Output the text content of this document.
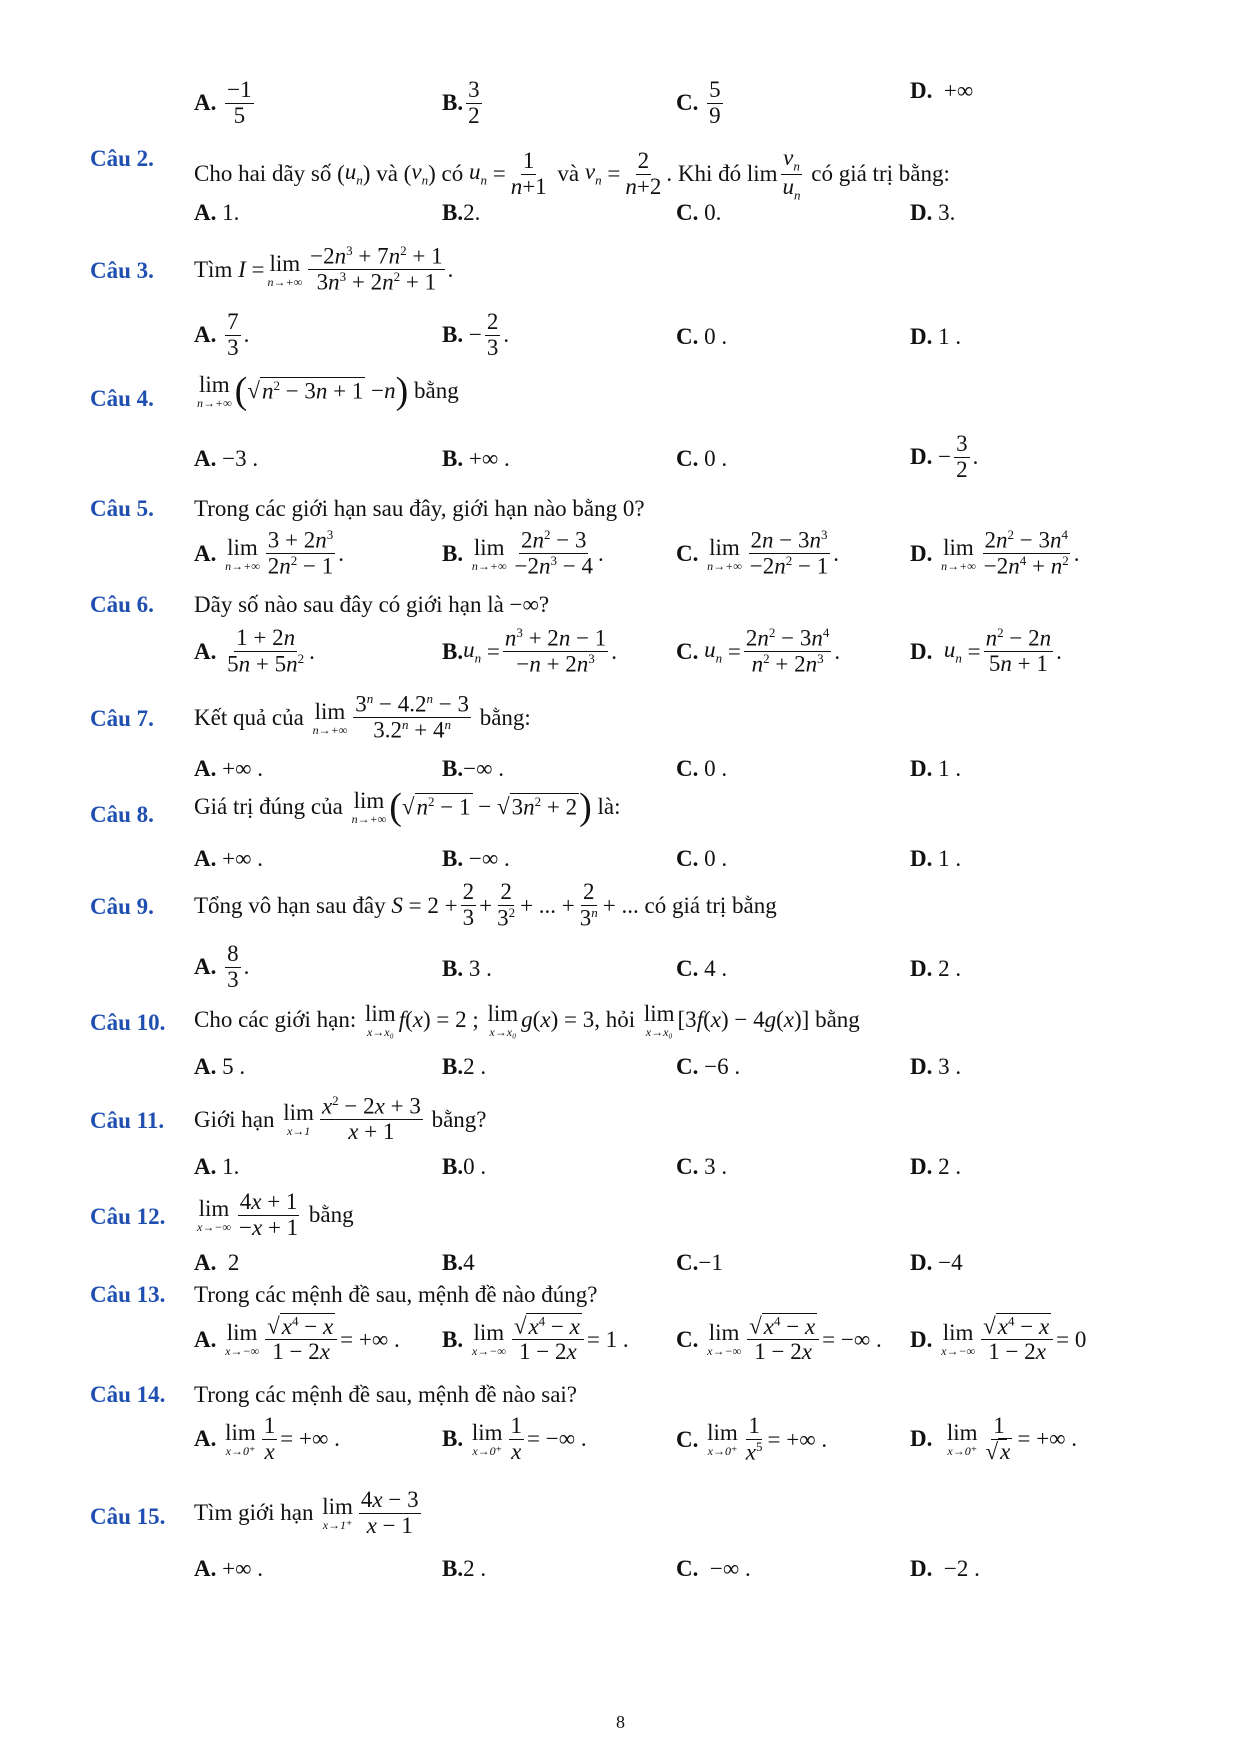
A.
$\frac{-1}{5}$	B. $\frac{3}{2}$	C.
$\frac{5}{9}$	D. +∞
Câu 2.
Cho hai dãy số ( $u_n$ ) và ( $v_n$ ) có
$u_n = \frac{1}{n+1}$
và
$v_n = \frac{2}{n+2}$ . Khi đó $\lim \frac{v_n}{u_n}$
có giá trị bằng:
A. 1.	B.2.	C. 0.	D. 3.
Câu 3. Tìm
I = lim
$n\to+\infty \frac{-2n^3 + 7n^2 + 1}{3n^3 + 2n^2 + 1}$ .
A.
$\frac{7}{3}$ .	B. − $\frac{2}{3}$ .	C. 0 .	D. 1 .
Câu 4.
lim
n→+∞ ( √ $n^2 - 3n + 1 - n$ )
bằng
A. −3 .	B. +∞ .	C. 0 .	D. − $\frac{3}{2}$ .
Câu 5. Trong các giới hạn sau đây, giới hạn nào bằng 0?
A.
lim
$n\to+\infty \frac{3 + 2n^3}{2n^2 - 1}$ .	B.
lim
$n\to+\infty \frac{2n^2 - 3}{-2n^3 - 4}$ .	C.
lim
$n\to+\infty \frac{2n - 3n^3}{-2n^2 - 1}$ .	D.
lim
$n\to+\infty \frac{2n^2 - 3n^4}{-2n^4 + n^2}$ .
Câu 6. Dãy số nào sau đây có giới hạn là −∞?
A.
$\frac{1 + 2n}{5n + 5n^2}$ .	B. $u_n = \frac{n^3 + 2n - 1}{-n + 2n^3}$ .	C.
$u_n = \frac{2n^2 - 3n^4}{n^2 + 2n^3}$ .	D.
$u_n = \frac{n^2 - 2n}{5n + 1}$ .
Câu 7. Kết quả của
lim
$n\to+\infty \frac{3^n - 4.2^n - 3}{3.2^n + 4^n}$
bằng:
A. +∞ .	B.−∞ .	C. 0 .	D. 1 .
Câu 8. Giá trị đúng của
lim
n→+∞ ( √ $n^2 - 1$ − √ $3n^2 + 2$ )
là:
A. +∞ .	B. −∞ .	C. 0 .	D. 1 .
Câu 9. Tổng vô hạn sau đây
$S = 2 + \frac{2}{3} + \frac{2}{3^2}$ + ... + $\frac{2}{3^n}$ + ... có giá trị bằng
A.
$\frac{8}{3}$ .	B. 3 .	C. 4 .	D. 2 .
Câu 10. Cho các giới hạn:
lim
x→x₀ f ( x ) = 2 ; lim
x→x₀ g ( x ) = 3 , hỏi
lim
x→x₀ [3 f ( x ) − 4 g ( x )] bằng
A. 5 .	B.2 .	C. −6 .	D. 3 .
Câu 11. Giới hạn
lim
$x\to 1 \frac{x^2 - 2x + 3}{x + 1}$
bằng?
A. 1.	B.0 .	C. 3 .	D. 2 .
Câu 12. lim
$x\to-\infty \frac{4x + 1}{-x + 1}$
bằng
A.  2	B.4	C.−1	D. −4
Câu 13. Trong các mệnh đề sau, mệnh đề nào đúng?
A.
lim
$x\to-\infty \frac{√x^4 - x}{1 - 2x}$ = +∞ . B.
lim
$x\to-\infty \frac{√x^4 - x}{1 - 2x} = 1$ . C.
lim
$x\to-\infty \frac{√x^4 - x}{1 - 2x}$ = −∞ . D.
lim
$x\to-\infty \frac{√x^4 - x}{1 - 2x} = 0$
Câu 14. Trong các mệnh đề sau, mệnh đề nào sai?
A.
lim
$x\to 0^+ \frac{1}{x}$ = +∞ .	B.
lim
$x\to 0^+ \frac{1}{x}$ = −∞ .	C.
lim
$x\to 0^+ \frac{1}{x^5}$ = +∞ .	D.
lim
$x\to 0^+ \frac{1}{√x}$ = +∞ .
Câu 15. Tìm giới hạn
lim
$x\to 1^+ \frac{4x - 3}{x - 1}$
A. +∞ .	B.2 .	C.  −∞ .	D.  −2 .
8
